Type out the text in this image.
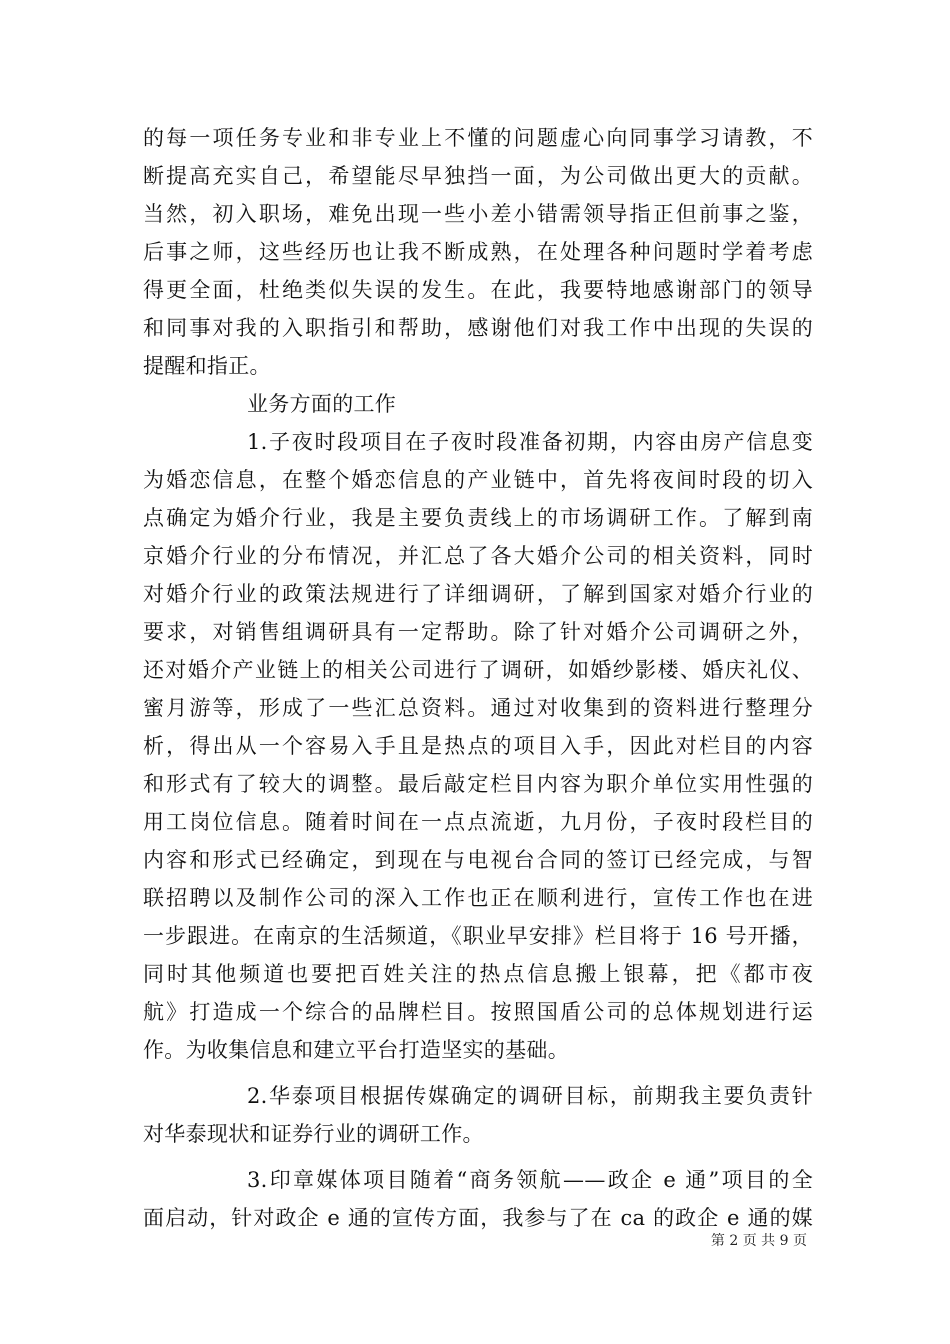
的每一项任务专业和非专业上不懂的问题虚心向同事学习请教，不
断提高充实自己，希望能尽早独挡一面，为公司做出更大的贡献。
当然，初入职场，难免出现一些小差小错需领导指正但前事之鉴，
后事之师，这些经历也让我不断成熟，在处理各种问题时学着考虑
得更全面，杜绝类似失误的发生。在此，我要特地感谢部门的领导
和同事对我的入职指引和帮助，感谢他们对我工作中出现的失误的
提醒和指正。
业务方面的工作
1.子夜时段项目在子夜时段准备初期，内容由房产信息变
为婚恋信息，在整个婚恋信息的产业链中，首先将夜间时段的切入
点确定为婚介行业，我是主要负责线上的市场调研工作。了解到南
京婚介行业的分布情况，并汇总了各大婚介公司的相关资料，同时
对婚介行业的政策法规进行了详细调研，了解到国家对婚介行业的
要求，对销售组调研具有一定帮助。除了针对婚介公司调研之外，
还对婚介产业链上的相关公司进行了调研，如婚纱影楼、婚庆礼仪、
蜜月游等，形成了一些汇总资料。通过对收集到的资料进行整理分
析，得出从一个容易入手且是热点的项目入手，因此对栏目的内容
和形式有了较大的调整。最后敲定栏目内容为职介单位实用性强的
用工岗位信息。随着时间在一点点流逝，九月份，子夜时段栏目的
内容和形式已经确定，到现在与电视台合同的签订已经完成，与智
联招聘以及制作公司的深入工作也正在顺利进行，宣传工作也在进
一步跟进。在南京的生活频道，《职业早安排》栏目将于 16 号开播，
同时其他频道也要把百姓关注的热点信息搬上银幕，把《都市夜
航》打造成一个综合的品牌栏目。按照国盾公司的总体规划进行运
作。为收集信息和建立平台打造坚实的基础。
2.华泰项目根据传媒确定的调研目标，前期我主要负责针
对华泰现状和证券行业的调研工作。
3.印章媒体项目随着“商务领航——政企 e 通”项目的全
面启动，针对政企 e 通的宣传方面，我参与了在 ca 的政企 e 通的媒
第 2 页 共 9 页
